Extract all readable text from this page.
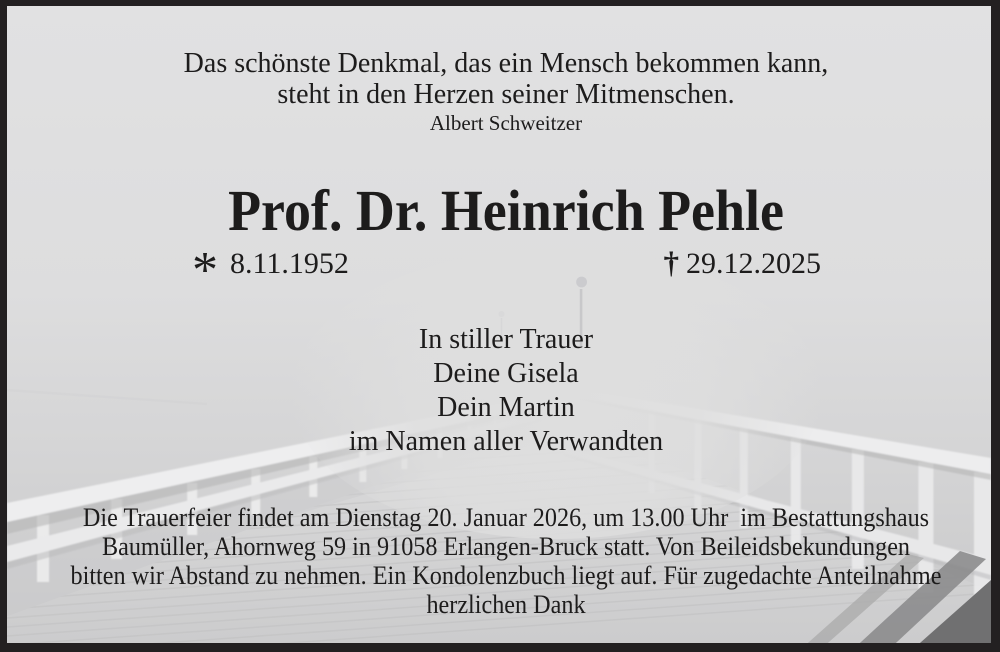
Das schönste Denkmal, das ein Mensch bekommen kann,
steht in den Herzen seiner Mitmenschen.
Albert Schweitzer
Prof. Dr. Heinrich Pehle
* 8.11.1952	† 29.12.2025
In stiller Trauer
Deine Gisela
Dein Martin
im Namen aller Verwandten
Die Trauerfeier findet am Dienstag 20. Januar 2026, um 13.00 Uhr  im Bestattungshaus
Baumüller, Ahornweg 59 in 91058 Erlangen-Bruck statt. Von Beileidsbekundungen
bitten wir Abstand zu nehmen. Ein Kondolenzbuch liegt auf. Für zugedachte Anteilnahme
herzlichen Dank
